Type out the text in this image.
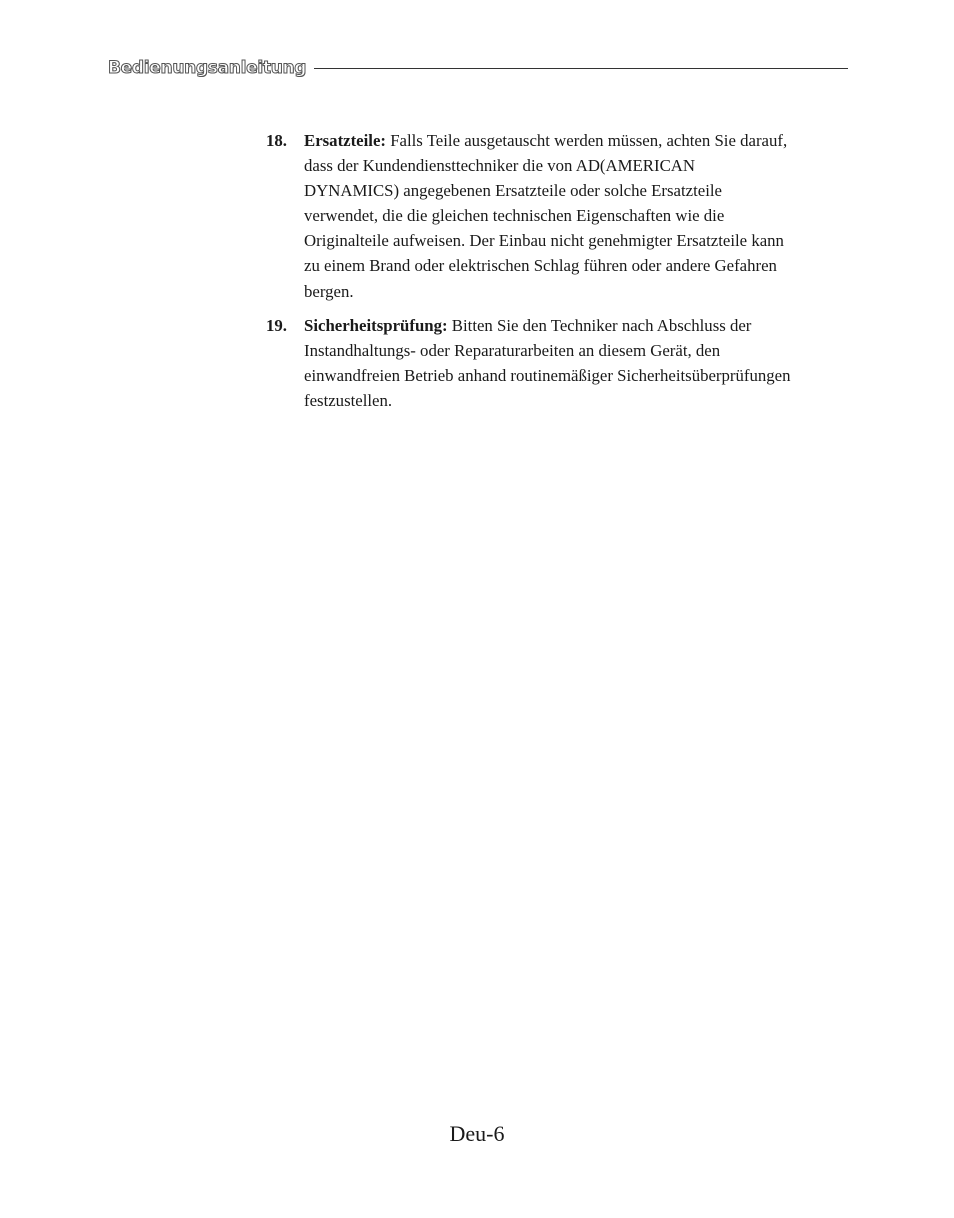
Bedienungsanleitung
18.	Ersatzteile: Falls Teile ausgetauscht werden müssen, achten Sie darauf,
dass der Kundendiensttechniker die von AD(AMERICAN
DYNAMICS) angegebenen Ersatzteile oder solche Ersatzteile
verwendet, die die gleichen technischen Eigenschaften wie die
Originalteile aufweisen. Der Einbau nicht genehmigter Ersatzteile kann
zu einem Brand oder elektrischen Schlag führen oder andere Gefahren
bergen.
19.	Sicherheitsprüfung: Bitten Sie den Techniker nach Abschluss der
Instandhaltungs- oder Reparaturarbeiten an diesem Gerät, den
einwandfreien Betrieb anhand routinemäßiger Sicherheitsüberprüfungen
festzustellen.
Deu-6
